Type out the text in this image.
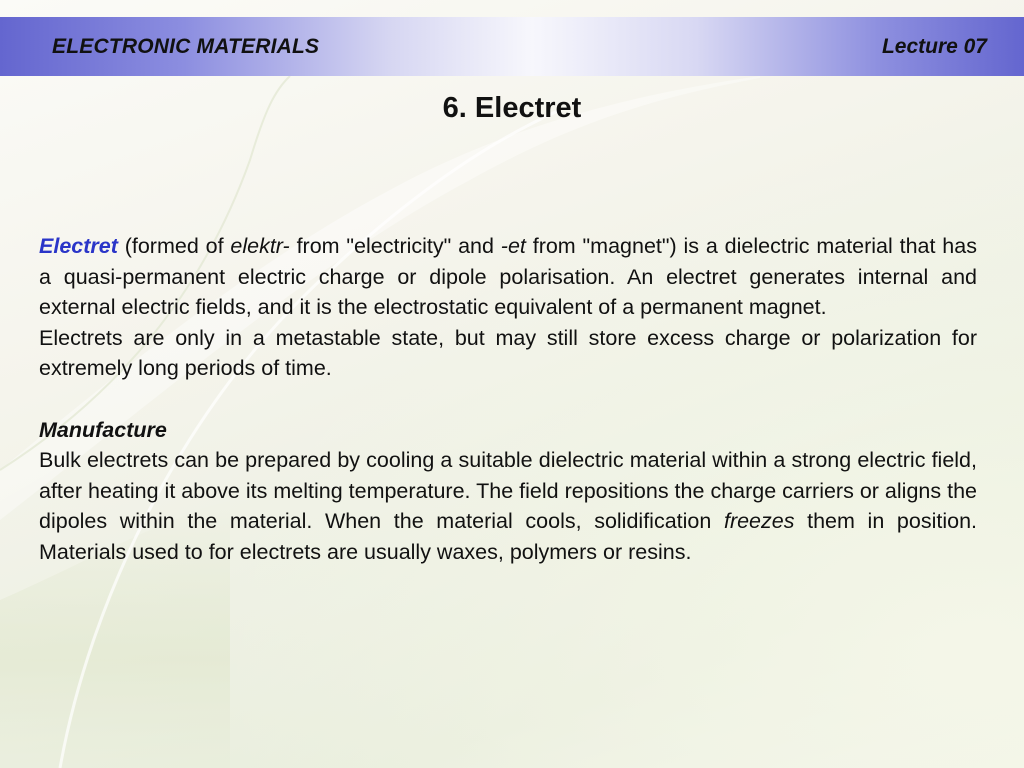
ELECTRONIC MATERIALS	Lecture 07
6. Electret

Electret (formed of elektr- from "electricity" and -et from "magnet") is a dielectric material that has a quasi-permanent electric charge or dipole polarisation. An electret generates internal and external electric fields, and it is the electrostatic equivalent of a permanent magnet.

Electrets are only in a metastable state, but may still store excess charge or polarization for extremely long periods of time.

Manufacture

Bulk electrets can be prepared by cooling a suitable dielectric material within a strong electric field, after heating it above its melting temperature. The field repositions the charge carriers or aligns the dipoles within the material. When the material cools, solidification freezes them in position. Materials used to for electrets are usually waxes, polymers or resins.
